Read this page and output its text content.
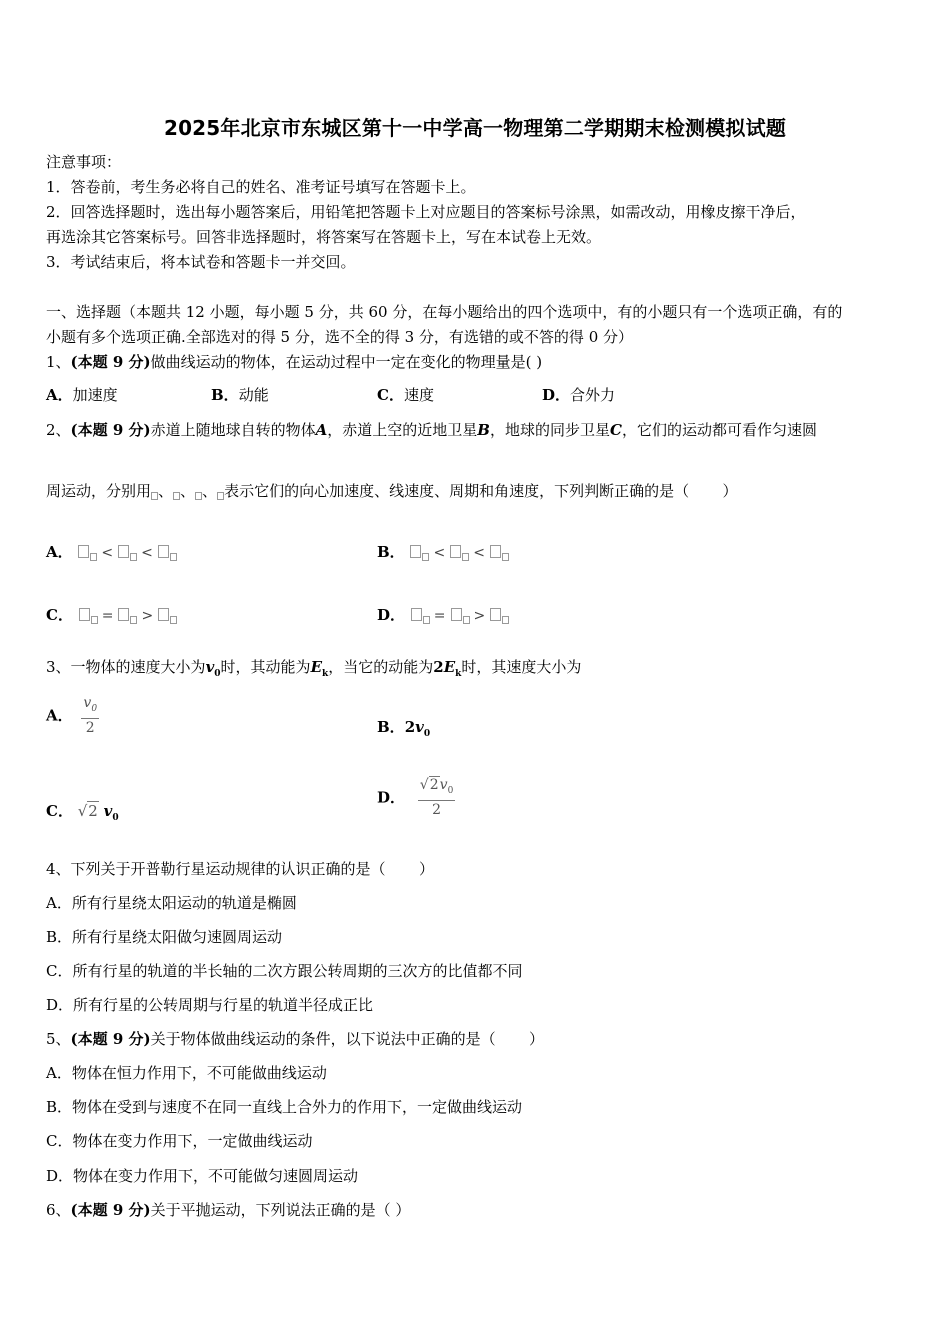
2025年北京市东城区第十一中学高一物理第二学期期末检测模拟试题
注意事项：
1．答卷前，考生务必将自己的姓名、准考证号填写在答题卡上。
2．回答选择题时，选出每小题答案后，用铅笔把答题卡上对应题目的答案标号涂黑，如需改动，用橡皮擦干净后，
再选涂其它答案标号。回答非选择题时，将答案写在答题卡上，写在本试卷上无效。
3．考试结束后，将本试卷和答题卡一并交回。
一、选择题（本题共 12 小题，每小题 5 分，共 60 分，在每小题给出的四个选项中，有的小题只有一个选项正确，有的
小题有多个选项正确.全部选对的得 5 分，选不全的得 3 分，有选错的或不答的得 0 分）
1、(本题 9 分)做曲线运动的物体，在运动过程中一定在变化的物理量是( )
A．加速度	B．动能	C．速度	D．合外力
2、(本题 9 分)赤道上随地球自转的物体A，赤道上空的近地卫星B，地球的同步卫星C，它们的运动都可看作匀速圆
周运动，分别用 、 、 、 表示它们的向心加速度、线速度、周期和角速度，下列判断正确的是（ ）
A． < <	B． < <
C． = >	D． = >
3、一物体的速度大小为$v_0$时，其动能为$E_k$，当它的动能为$2E_k$时，其速度大小为
A． $\frac{v_0}{2}$	B．$2v_0$
C． √2 $v_0$
D． $\frac{√2v_0}{2}$
4、下列关于开普勒行星运动规律的认识正确的是（ ）
A．所有行星绕太阳运动的轨道是椭圆
B．所有行星绕太阳做匀速圆周运动
C．所有行星的轨道的半长轴的二次方跟公转周期的三次方的比值都不同
D．所有行星的公转周期与行星的轨道半径成正比
5、(本题 9 分)关于物体做曲线运动的条件，以下说法中正确的是（ ）
A．物体在恒力作用下，不可能做曲线运动
B．物体在受到与速度不在同一直线上合外力的作用下，一定做曲线运动
C．物体在变力作用下，一定做曲线运动
D．物体在变力作用下，不可能做匀速圆周运动
6、(本题 9 分)关于平抛运动，下列说法正确的是（ ）
